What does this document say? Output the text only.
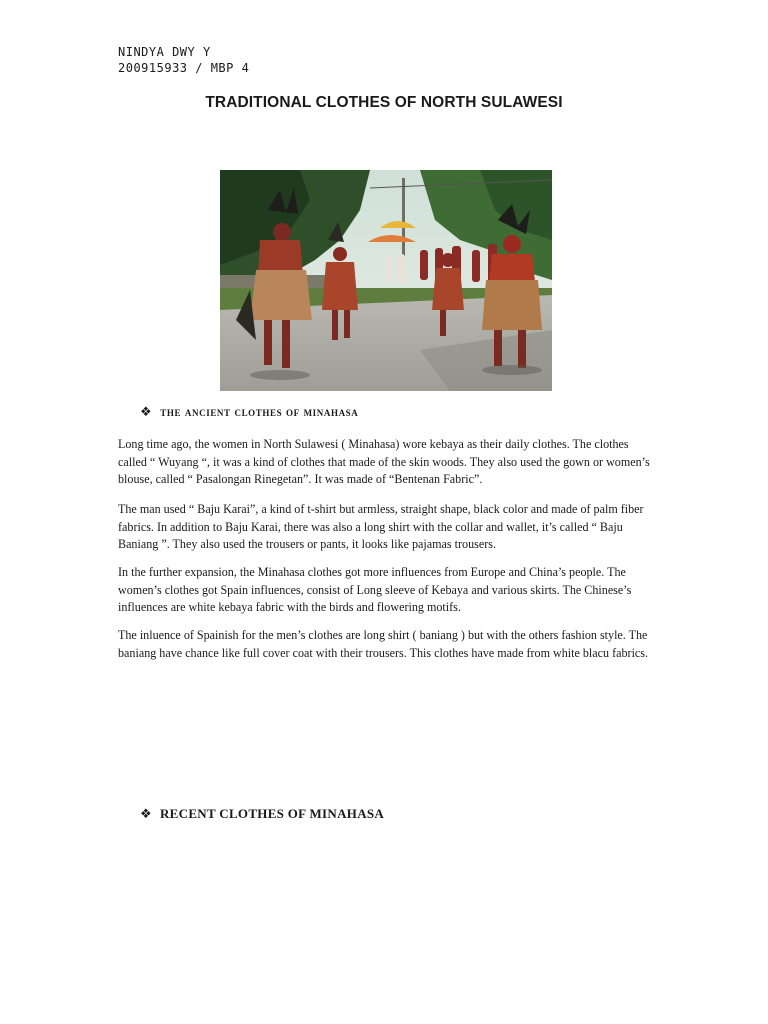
NINDYA DWY Y
200915933 / MBP 4
TRADITIONAL CLOTHES OF NORTH SULAWESI
❖ the ancient clothes of minahasa
Long time ago, the women in North Sulawesi ( Minahasa) wore kebaya as their daily clothes. The clothes called “ Wuyang “, it was a kind of clothes that made of the skin woods. They also used the gown or women’s blouse, called “ Pasalongan Rinegetan”. It was made of “Bentenan Fabric”.
The man used “ Baju Karai”, a kind of t-shirt but armless, straight shape, black color and made of palm fiber fabrics. In addition to Baju Karai, there was also a long shirt with the collar and wallet, it’s called “ Baju Baniang ”. They also used the trousers or pants, it looks like pajamas trousers.
In the further expansion, the Minahasa clothes got more influences from Europe and China’s people. The women’s clothes got Spain influences, consist of Long sleeve of Kebaya and various skirts. The Chinese’s influences are white kebaya fabric with the birds and flowering motifs.
The inluence of Spainish for the men’s clothes are long shirt ( baniang ) but with the others fashion style. The baniang have chance like full cover coat with their trousers. This clothes have made from white blacu fabrics.
❖ RECENT CLOTHES OF MINAHASA
